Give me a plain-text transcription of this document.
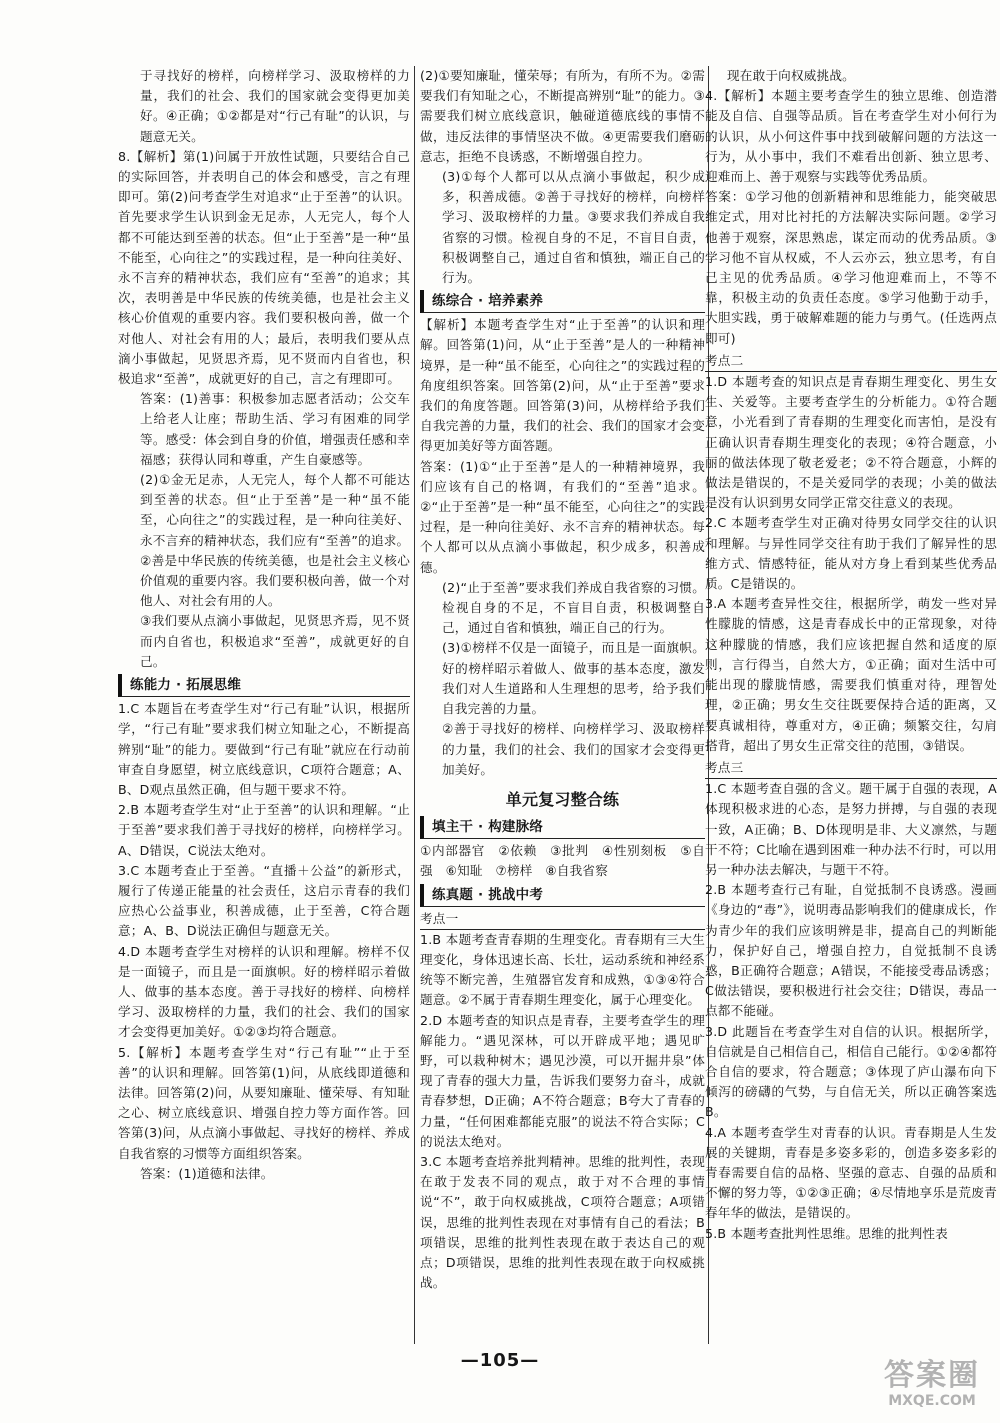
于寻找好的榜样，向榜样学习、汲取榜样的力量，我们的社会、我们的国家就会变得更加美好。④正确；①②都是对“行己有耻”的认识，与题意无关。
8.【解析】第(1)问属于开放性试题，只要结合自己的实际回答，并表明自己的体会和感受，言之有理即可。第(2)问考查学生对追求“止于至善”的认识。首先要求学生认识到金无足赤，人无完人，每个人都不可能达到至善的状态。但“止于至善”是一种“虽不能至，心向往之”的实践过程，是一种向往美好、永不言弃的精神状态，我们应有“至善”的追求；其次，表明善是中华民族的传统美德，也是社会主义核心价值观的重要内容。我们要积极向善，做一个对他人、对社会有用的人；最后，表明我们要从点滴小事做起，见贤思齐焉，见不贤而内自省也，积极追求“至善”，成就更好的自己，言之有理即可。
答案：(1)善事：积极参加志愿者活动；公交车上给老人让座；帮助生活、学习有困难的同学等。感受：体会到自身的价值，增强责任感和幸福感；获得认同和尊重，产生自豪感等。
(2)①金无足赤，人无完人，每个人都不可能达到至善的状态。但“止于至善”是一种“虽不能至，心向往之”的实践过程，是一种向往美好、永不言弃的精神状态，我们应有“至善”的追求。
②善是中华民族的传统美德，也是社会主义核心价值观的重要内容。我们要积极向善，做一个对他人、对社会有用的人。
③我们要从点滴小事做起，见贤思齐焉，见不贤而内自省也，积极追求“至善”，成就更好的自己。
练能力 · 拓展思维
1.C 本题旨在考查学生对“行己有耻”认识，根据所学，“行己有耻”要求我们树立知耻之心，不断提高辨别“耻”的能力。要做到“行己有耻”就应在行动前审查自身愿望，树立底线意识，C项符合题意；A、B、D观点虽然正确，但与题干要求不符。
2.B 本题考查学生对“止于至善”的认识和理解。“止于至善”要求我们善于寻找好的榜样，向榜样学习。A、D错误，C说法太绝对。
3.C 本题考查止于至善。“直播＋公益”的新形式，履行了传递正能量的社会责任，这启示青春的我们应热心公益事业，积善成德，止于至善，C符合题意；A、B、D说法正确但与题意无关。
4.D 本题考查学生对榜样的认识和理解。榜样不仅是一面镜子，而且是一面旗帜。好的榜样昭示着做人、做事的基本态度。善于寻找好的榜样、向榜样学习、汲取榜样的力量，我们的社会、我们的国家才会变得更加美好。①②③均符合题意。
5.【解析】本题考查学生对“行己有耻”“止于至善”的认识和理解。回答第(1)问，从底线即道德和法律。回答第(2)问，从要知廉耻、懂荣辱、有知耻之心、树立底线意识、增强自控力等方面作答。回答第(3)问，从点滴小事做起、寻找好的榜样、养成自我省察的习惯等方面组织答案。
答案：(1)道德和法律。
(2)①要知廉耻，懂荣辱；有所为，有所不为。②需要我们有知耻之心，不断提高辨别“耻”的能力。③需要我们树立底线意识，触碰道德底线的事情不做，违反法律的事情坚决不做。④更需要我们磨砺意志，拒绝不良诱惑，不断增强自控力。
(3)①每个人都可以从点滴小事做起，积少成多，积善成德。②善于寻找好的榜样，向榜样学习、汲取榜样的力量。③要求我们养成自我省察的习惯。检视自身的不足，不盲目自责，积极调整自己，通过自省和慎独，端正自己的行为。
练综合 · 培养素养
【解析】本题考查学生对“止于至善”的认识和理解。回答第(1)问，从“止于至善”是人的一种精神境界，是一种“虽不能至，心向往之”的实践过程的角度组织答案。回答第(2)问，从“止于至善”要求我们的角度答题。回答第(3)问，从榜样给予我们自我完善的力量，我们的社会、我们的国家才会变得更加美好等方面答题。
答案：(1)①“止于至善”是人的一种精神境界，我们应该有自己的格调，有我们的“至善”追求。②“止于至善”是一种“虽不能至，心向往之”的实践过程，是一种向往美好、永不言弃的精神状态。每个人都可以从点滴小事做起，积少成多，积善成德。
(2)“止于至善”要求我们养成自我省察的习惯。检视自身的不足，不盲目自责，积极调整自己，通过自省和慎独，端正自己的行为。
(3)①榜样不仅是一面镜子，而且是一面旗帜。好的榜样昭示着做人、做事的基本态度，激发我们对人生道路和人生理想的思考，给予我们自我完善的力量。
②善于寻找好的榜样、向榜样学习、汲取榜样的力量，我们的社会、我们的国家才会变得更加美好。
单元复习整合练
填主干 · 构建脉络
①内部器官　②依赖　③批判　④性别刻板　⑤自强　⑥知耻　⑦榜样　⑧自我省察
练真题 · 挑战中考
考点一
1.B 本题考查青春期的生理变化。青春期有三大生理变化，身体迅速长高、长壮，运动系统和神经系统等不断完善，生殖器官发育和成熟，①③④符合题意。②不属于青春期生理变化，属于心理变化。
2.D 本题考查的知识点是青春，主要考查学生的理解能力。“遇见深林，可以开辟成平地；遇见旷野，可以栽种树木；遇见沙漠，可以开掘井泉”体现了青春的强大力量，告诉我们要努力奋斗，成就青春梦想，D正确；A不符合题意；B夸大了青春的力量，“任何困难都能克服”的说法不符合实际；C的说法太绝对。
3.C 本题考查培养批判精神。思维的批判性，表现在敢于发表不同的观点，敢于对不合理的事情说“不”，敢于向权威挑战，C项符合题意；A项错误，思维的批判性表现在对事情有自己的看法；B项错误，思维的批判性表现在敢于表达自己的观点；D项错误，思维的批判性表现在敢于向权威挑战。
现在敢于向权威挑战。
4.【解析】本题主要考查学生的独立思维、创造潜能及自信、自强等品质。旨在考查学生对小何行为的认识，从小何这件事中找到破解问题的方法这一行为，从小事中，我们不难看出创新、独立思考、迎难而上、善于观察与实践等优秀品质。
答案：①学习他的创新精神和思维能力，能突破思维定式，用对比衬托的方法解决实际问题。②学习他善于观察，深思熟虑，谋定而动的优秀品质。③学习他不盲从权威，不人云亦云，独立思考，有自己主见的优秀品质。④学习他迎难而上，不等不靠，积极主动的负责任态度。⑤学习他勤于动手，大胆实践，勇于破解难题的能力与勇气。(任选两点即可)
考点二
1.D 本题考查的知识点是青春期生理变化、男生女生、关爱等。主要考查学生的分析能力。①符合题意，小光看到了青春期的生理变化而害怕，是没有正确认识青春期生理变化的表现；④符合题意，小丽的做法体现了敬老爱老；②不符合题意，小辉的做法是错误的，不是关爱同学的表现；小美的做法是没有认识到男女同学正常交往意义的表现。
2.C 本题考查学生对正确对待男女同学交往的认识和理解。与异性同学交往有助于我们了解异性的思维方式、情感特征，能从对方身上看到某些优秀品质。C是错误的。
3.A 本题考查异性交往，根据所学，萌发一些对异性朦胧的情感，这是青春成长中的正常现象，对待这种朦胧的情感，我们应该把握自然和适度的原则，言行得当，自然大方，①正确；面对生活中可能出现的朦胧情感，需要我们慎重对待，理智处理，②正确；男女生交往既要保持合适的距离，又要真诚相待，尊重对方，④正确；频繁交往，勾肩搭背，超出了男女生正常交往的范围，③错误。
考点三
1.C 本题考查自强的含义。题干属于自强的表现，A体现积极求进的心态，是努力拼搏，与自强的表现一致，A正确；B、D体现明是非、大义凛然，与题干不符；C比喻在遇到困难一种办法不行时，可以用另一种办法去解决，与题干不符。
2.B 本题考查行己有耻，自觉抵制不良诱惑。漫画《身边的“毒”》，说明毒品影响我们的健康成长，作为青少年的我们应该明辨是非，提高自己的判断能力，保护好自己，增强自控力，自觉抵制不良诱惑，B正确符合题意；A错误，不能接受毒品诱惑；C做法错误，要积极进行社会交往；D错误，毒品一点都不能碰。
3.D 此题旨在考查学生对自信的认识。根据所学，自信就是自己相信自己，相信自己能行。①②④都符合自信的要求，符合题意；③体现了庐山瀑布向下倾泻的磅礴的气势，与自信无关，所以正确答案选B。
4.A 本题考查学生对青春的认识。青春期是人生发展的关键期，青春是多姿多彩的，创造多姿多彩的青春需要自信的品格、坚强的意志、自强的品质和不懈的努力等，①②③正确；④尽情地享乐是荒废青春年华的做法，是错误的。
5.B 本题考查批判性思维。思维的批判性表
—105—	答案圈
MXQE.COM
